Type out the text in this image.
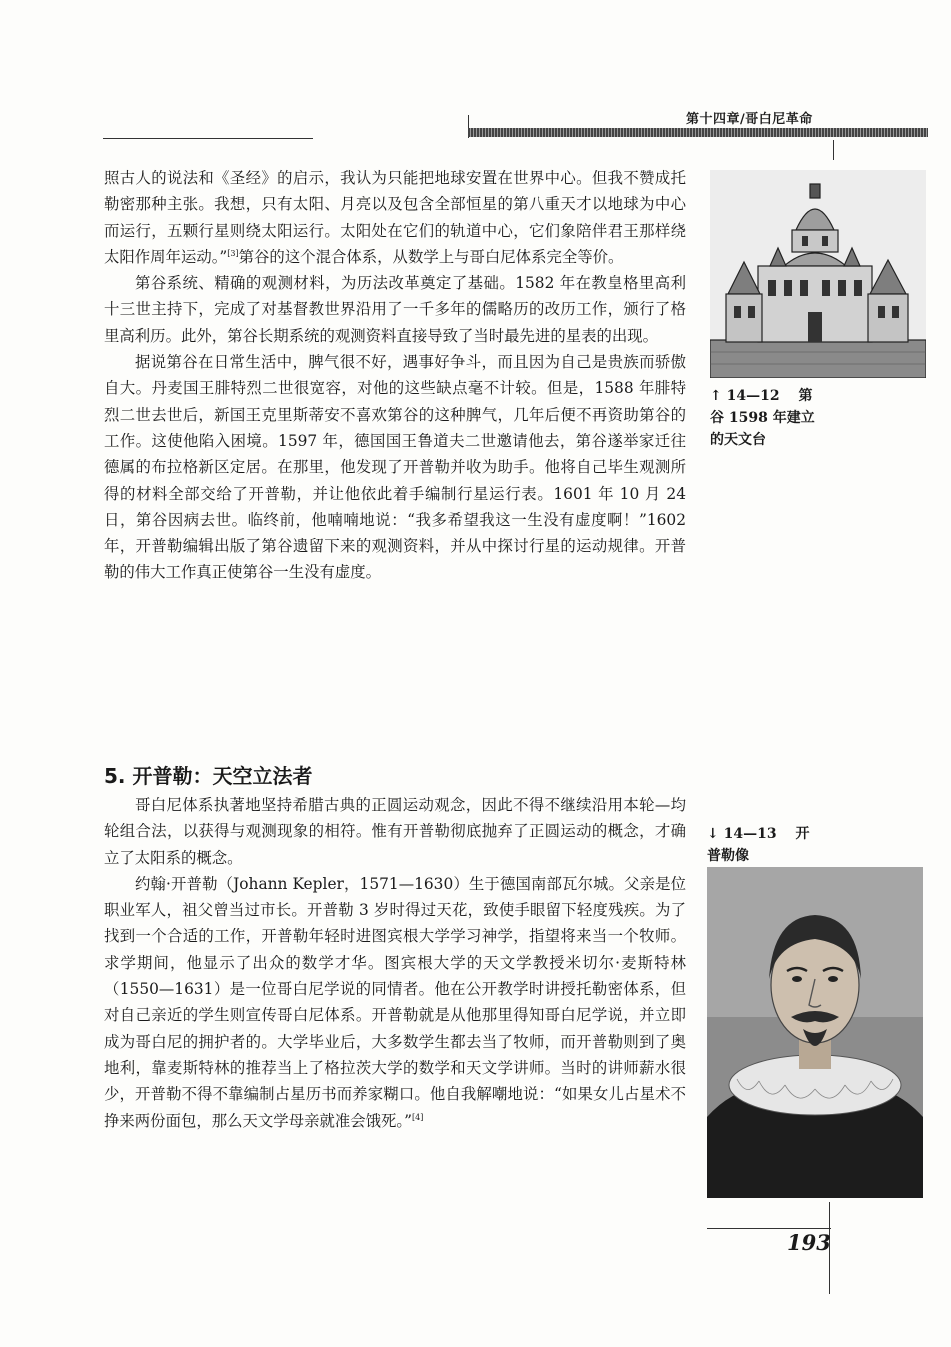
第十四章/哥白尼革命

照古人的说法和《圣经》的启示，我认为只能把地球安置在世界中心。但我不赞成托勒密那种主张。我想，只有太阳、月亮以及包含全部恒星的第八重天才以地球为中心而运行，五颗行星则绕太阳运行。太阳处在它们的轨道中心，它们象陪伴君王那样绕太阳作周年运动。”[3]第谷的这个混合体系，从数学上与哥白尼体系完全等价。

第谷系统、精确的观测材料，为历法改革奠定了基础。1582 年在教皇格里高利十三世主持下，完成了对基督教世界沿用了一千多年的儒略历的改历工作，颁行了格里高利历。此外，第谷长期系统的观测资料直接导致了当时最先进的星表的出现。

据说第谷在日常生活中，脾气很不好，遇事好争斗，而且因为自己是贵族而骄傲自大。丹麦国王腓特烈二世很宽容，对他的这些缺点毫不计较。但是，1588 年腓特烈二世去世后，新国王克里斯蒂安不喜欢第谷的这种脾气，几年后便不再资助第谷的工作。这使他陷入困境。1597 年，德国国王鲁道夫二世邀请他去，第谷遂举家迁往德属的布拉格新区定居。在那里，他发现了开普勒并收为助手。他将自己毕生观测所得的材料全部交给了开普勒，并让他依此着手编制行星运行表。1601 年 10 月 24 日，第谷因病去世。临终前，他喃喃地说：“我多希望我这一生没有虚度啊！”1602 年，开普勒编辑出版了第谷遗留下来的观测资料，并从中探讨行星的运动规律。开普勒的伟大工作真正使第谷一生没有虚度。

5. 开普勒：天空立法者

哥白尼体系执著地坚持希腊古典的正圆运动观念，因此不得不继续沿用本轮—均轮组合法，以获得与观测现象的相符。惟有开普勒彻底抛弃了正圆运动的概念，才确立了太阳系的概念。

约翰·开普勒（Johann Kepler，1571—1630）生于德国南部瓦尔城。父亲是位职业军人，祖父曾当过市长。开普勒 3 岁时得过天花，致使手眼留下轻度残疾。为了找到一个合适的工作，开普勒年轻时进图宾根大学学习神学，指望将来当一个牧师。求学期间，他显示了出众的数学才华。图宾根大学的天文学教授米切尔·麦斯特林（1550—1631）是一位哥白尼学说的同情者。他在公开教学时讲授托勒密体系，但对自己亲近的学生则宣传哥白尼体系。开普勒就是从他那里得知哥白尼学说，并立即成为哥白尼的拥护者的。大学毕业后，大多数学生都去当了牧师，而开普勒则到了奥地利，靠麦斯特林的推荐当上了格拉茨大学的数学和天文学讲师。当时的讲师薪水很少，开普勒不得不靠编制占星历书而养家糊口。他自我解嘲地说：“如果女儿占星术不挣来两份面包，那么天文学母亲就准会饿死。”[4]

↑ 14—12　 第
谷 1598 年建立
的天文台
↓ 14—13　 开
普勒像
193
